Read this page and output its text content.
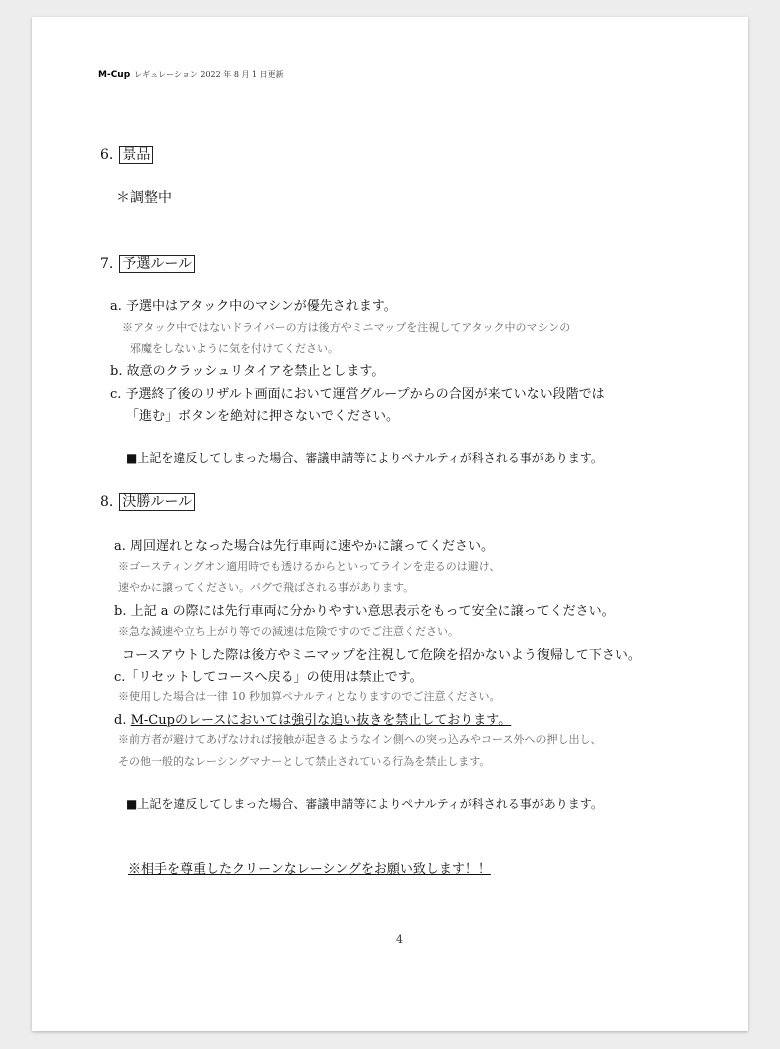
M-Cup レギュレーション 2022 年 8 月 1 日更新
6. 景品
＊調整中
7. 予選ルール
a. 予選中はアタック中のマシンが優先されます。
※アタック中ではないドライバーの方は後方やミニマップを注視してアタック中のマシンの
邪魔をしないように気を付けてください。
b. 故意のクラッシュリタイアを禁止とします。
c. 予選終了後のリザルト画面において運営グループからの合図が来ていない段階では
「進む」ボタンを絶対に押さないでください。
■上記を違反してしまった場合、審議申請等によりペナルティが科される事があります。
8. 決勝ルール
a. 周回遅れとなった場合は先行車両に速やかに譲ってください。
※ゴースティングオン適用時でも透けるからといってラインを走るのは避け、
速やかに譲ってください。バグで飛ばされる事があります。
b. 上記 a の際には先行車両に分かりやすい意思表示をもって安全に譲ってください。
※急な減速や立ち上がり等での減速は危険ですのでご注意ください。
コースアウトした際は後方やミニマップを注視して危険を招かないよう復帰して下さい。
c.「リセットしてコースへ戻る」の使用は禁止です。
※使用した場合は一律 10 秒加算ペナルティとなりますのでご注意ください。
d. M-Cupのレースにおいては強引な追い抜きを禁止しております。
※前方者が避けてあげなければ接触が起きるようなイン側への突っ込みやコース外への押し出し、
その他一般的なレーシングマナーとして禁止されている行為を禁止します。
■上記を違反してしまった場合、審議申請等によりペナルティが科される事があります。
※相手を尊重したクリーンなレーシングをお願い致します！！
4
